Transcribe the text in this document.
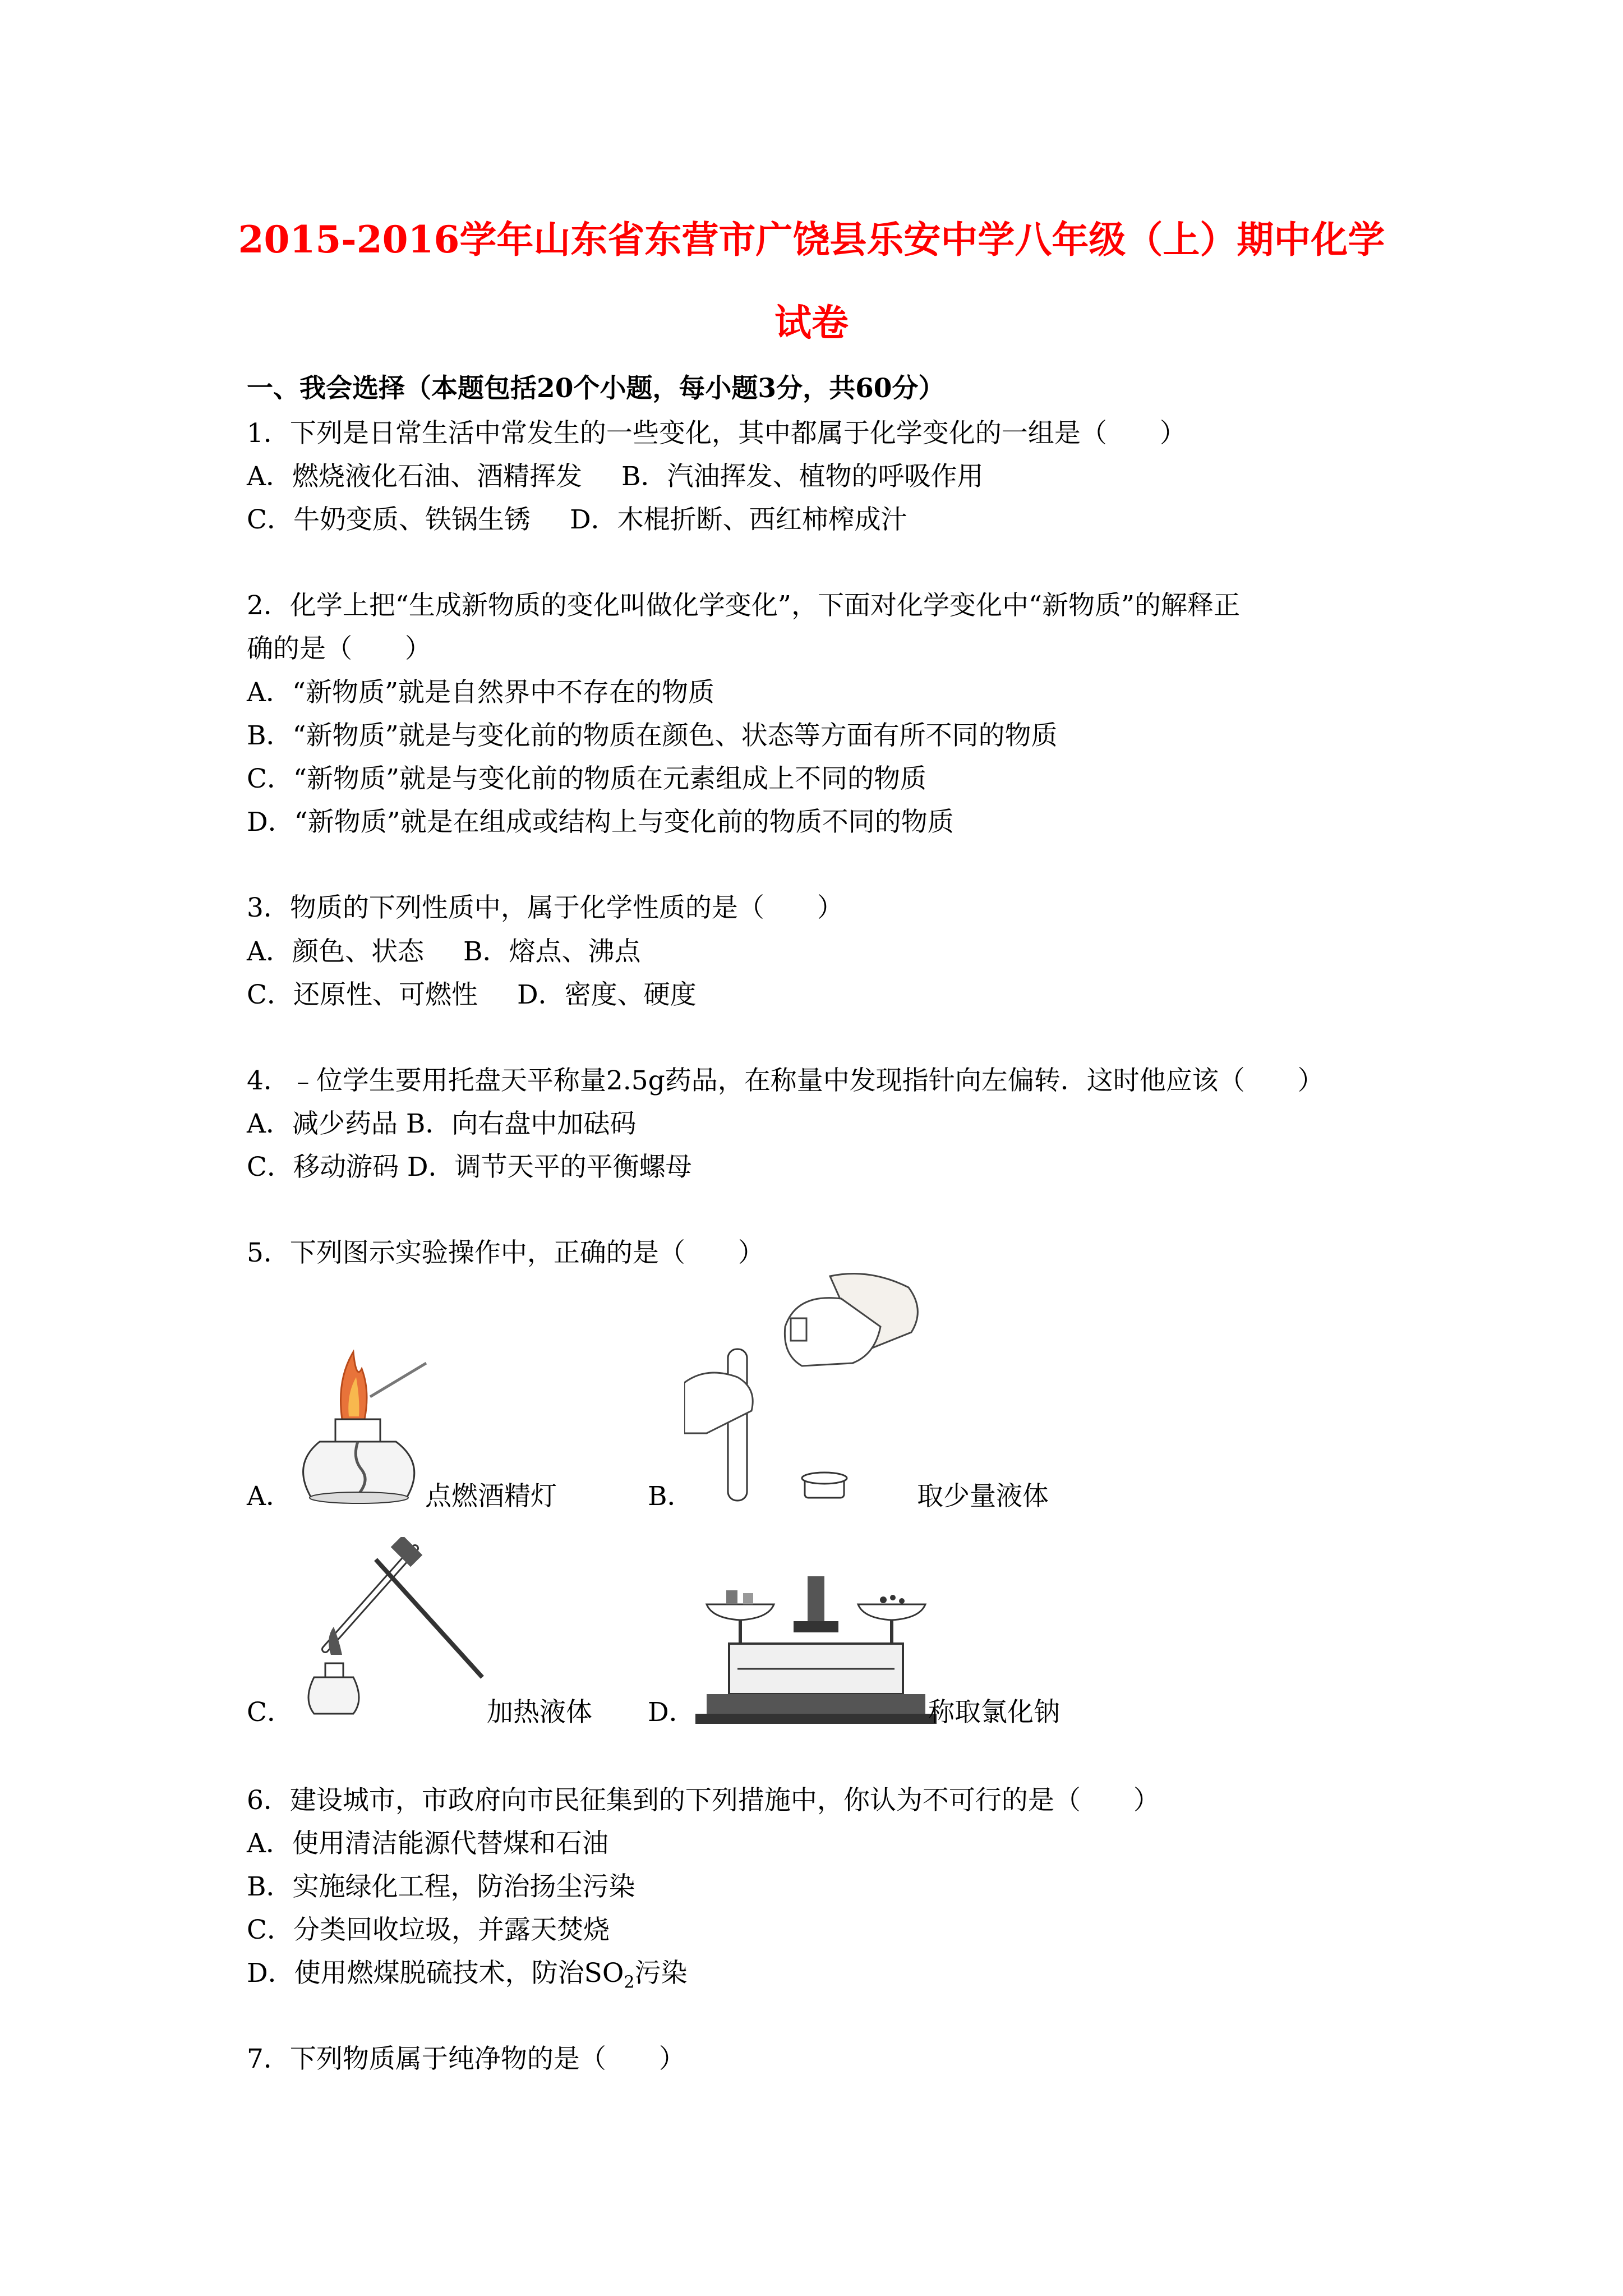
2015-2016学年山东省东营市广饶县乐安中学八年级（上）期中化学
试卷
一、我会选择（本题包括20个小题，每小题3分，共60分）
1．下列是日常生活中常发生的一些变化，其中都属于化学变化的一组是（　　）
A．燃烧液化石油、酒精挥发 B．汽油挥发、植物的呼吸作用
C．牛奶变质、铁锅生锈 D．木棍折断、西红柿榨成汁
2．化学上把“生成新物质的变化叫做化学变化”，下面对化学变化中“新物质”的解释正
确的是（　　）
A．“新物质”就是自然界中不存在的物质
B．“新物质”就是与变化前的物质在颜色、状态等方面有所不同的物质
C．“新物质”就是与变化前的物质在元素组成上不同的物质
D．“新物质”就是在组成或结构上与变化前的物质不同的物质
3．物质的下列性质中，属于化学性质的是（　　）
A．颜色、状态 B．熔点、沸点
C．还原性、可燃性 D．密度、硬度
4．﹣位学生要用托盘天平称量2.5g药品，在称量中发现指针向左偏转．这时他应该（　　）
A．减少药品 B．向右盘中加砝码
C．移动游码 D．调节天平的平衡螺母
5．下列图示实验操作中，正确的是（　　）
A．	点燃酒精灯	B．	取少量液体
C．	加热液体 D．	称取氯化钠
6．建设城市，市政府向市民征集到的下列措施中，你认为不可行的是（　　）
A．使用清洁能源代替煤和石油
B．实施绿化工程，防治扬尘污染
C．分类回收垃圾，并露天焚烧
D．使用燃煤脱硫技术，防治$SO_2$污染
7．下列物质属于纯净物的是（　　）
